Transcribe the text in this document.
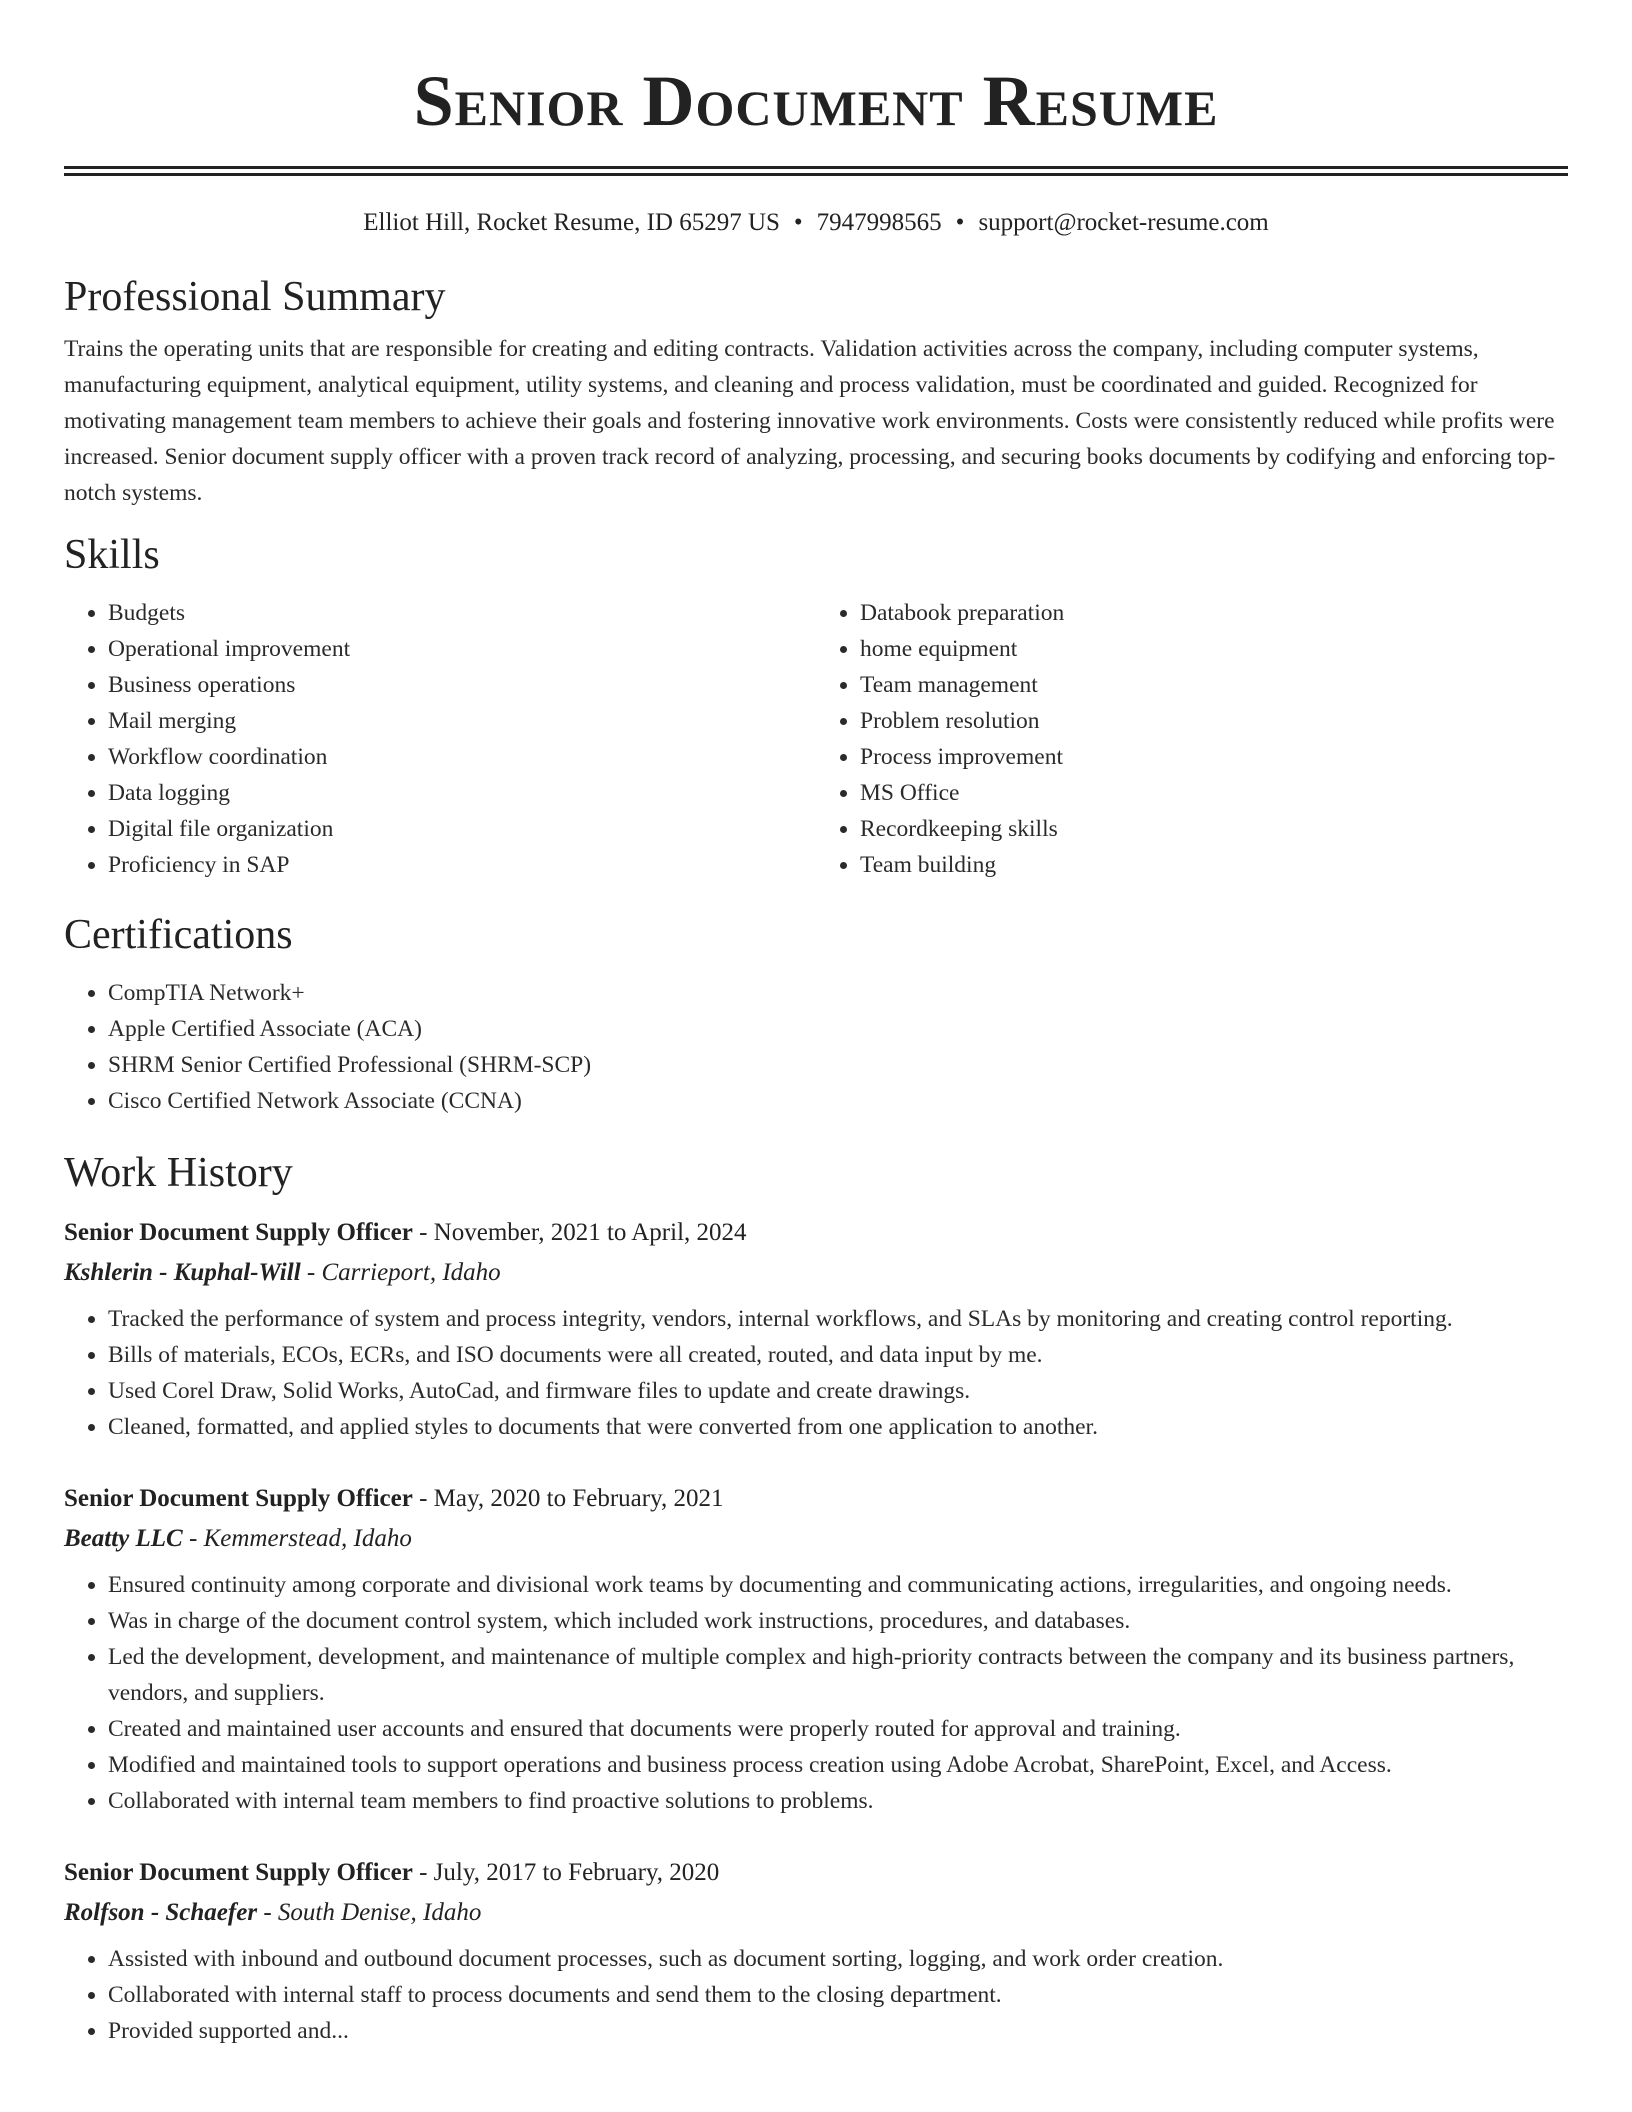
Senior Document Resume
Elliot Hill, Rocket Resume, ID 65297 US • 7947998565 • support@rocket-resume.com
Professional Summary

Trains the operating units that are responsible for creating and editing contracts. Validation activities across the company, including computer systems, manufacturing equipment, analytical equipment, utility systems, and cleaning and process validation, must be coordinated and guided. Recognized for motivating management team members to achieve their goals and fostering innovative work environments. Costs were consistently reduced while profits were increased. Senior document supply officer with a proven track record of analyzing, processing, and securing books documents by codifying and enforcing top-notch systems.

Skills
• Budgets
• Operational improvement
• Business operations
• Mail merging
• Workflow coordination
• Data logging
• Digital file organization
• Proficiency in SAP
• Databook preparation
• home equipment
• Team management
• Problem resolution
• Process improvement
• MS Office
• Recordkeeping skills
• Team building
Certifications
• CompTIA Network+
• Apple Certified Associate (ACA)
• SHRM Senior Certified Professional (SHRM-SCP)
• Cisco Certified Network Associate (CCNA)
Work History
Senior Document Supply Officer - November, 2021 to April, 2024
Kshlerin - Kuphal-Will - Carrieport, Idaho
• Tracked the performance of system and process integrity, vendors, internal workflows, and SLAs by monitoring and creating control reporting.
• Bills of materials, ECOs, ECRs, and ISO documents were all created, routed, and data input by me.
• Used Corel Draw, Solid Works, AutoCad, and firmware files to update and create drawings.
• Cleaned, formatted, and applied styles to documents that were converted from one application to another.
Senior Document Supply Officer - May, 2020 to February, 2021
Beatty LLC - Kemmerstead, Idaho
• Ensured continuity among corporate and divisional work teams by documenting and communicating actions, irregularities, and ongoing needs.
• Was in charge of the document control system, which included work instructions, procedures, and databases.
• Led the development, development, and maintenance of multiple complex and high-priority contracts between the company and its business partners, vendors, and suppliers.
• Created and maintained user accounts and ensured that documents were properly routed for approval and training.
• Modified and maintained tools to support operations and business process creation using Adobe Acrobat, SharePoint, Excel, and Access.
• Collaborated with internal team members to find proactive solutions to problems.
Senior Document Supply Officer - July, 2017 to February, 2020
Rolfson - Schaefer - South Denise, Idaho
• Assisted with inbound and outbound document processes, such as document sorting, logging, and work order creation.
• Collaborated with internal staff to process documents and send them to the closing department.
• Provided supported and...
